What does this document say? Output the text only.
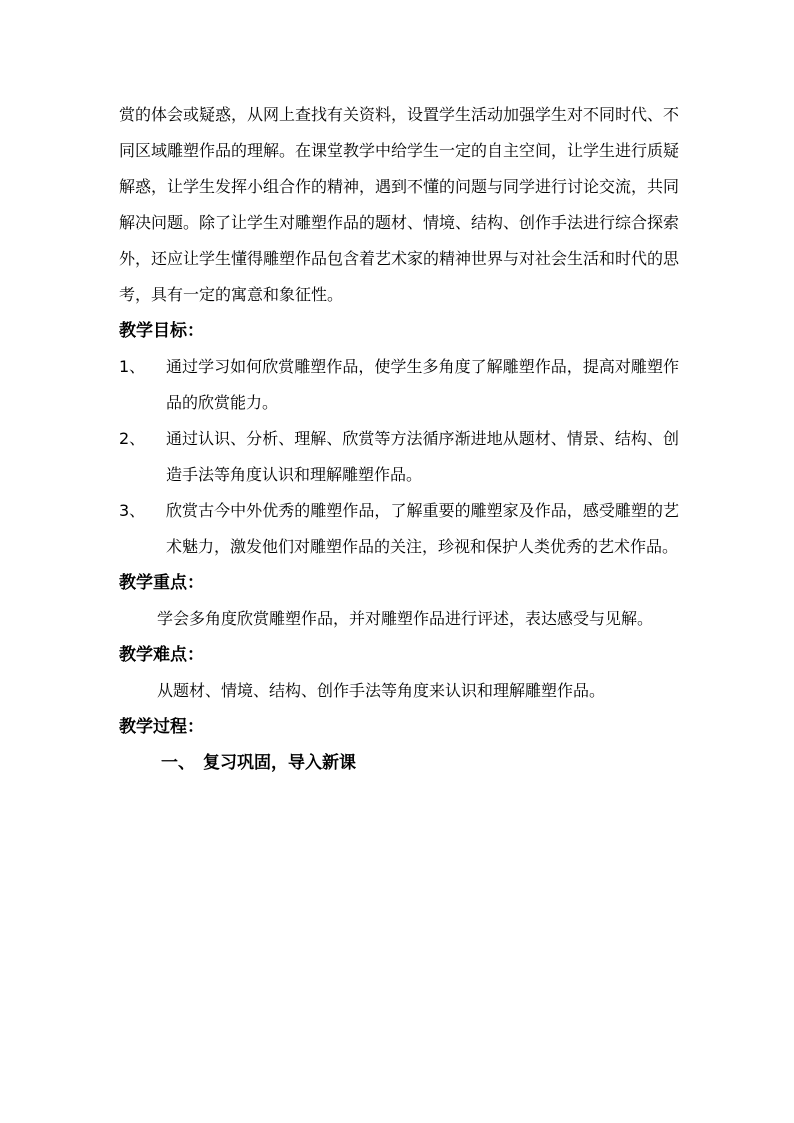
赏的体会或疑惑，从网上查找有关资料，设置学生活动加强学生对不同时代、不同区域雕塑作品的理解。在课堂教学中给学生一定的自主空间，让学生进行质疑解惑，让学生发挥小组合作的精神，遇到不懂的问题与同学进行讨论交流，共同解决问题。除了让学生对雕塑作品的题材、情境、结构、创作手法进行综合探索外，还应让学生懂得雕塑作品包含着艺术家的精神世界与对社会生活和时代的思考，具有一定的寓意和象征性。

教学目标：

1、 通过学习如何欣赏雕塑作品，使学生多角度了解雕塑作品，提高对雕塑作品的欣赏能力。
2、 通过认识、分析、理解、欣赏等方法循序渐进地从题材、情景、结构、创造手法等角度认识和理解雕塑作品。
3、 欣赏古今中外优秀的雕塑作品，了解重要的雕塑家及作品，感受雕塑的艺术魅力，激发他们对雕塑作品的关注，珍视和保护人类优秀的艺术作品。

教学重点：

学会多角度欣赏雕塑作品，并对雕塑作品进行评述，表达感受与见解。

教学难点：

从题材、情境、结构、创作手法等角度来认识和理解雕塑作品。

教学过程：

一、 复习巩固，导入新课
